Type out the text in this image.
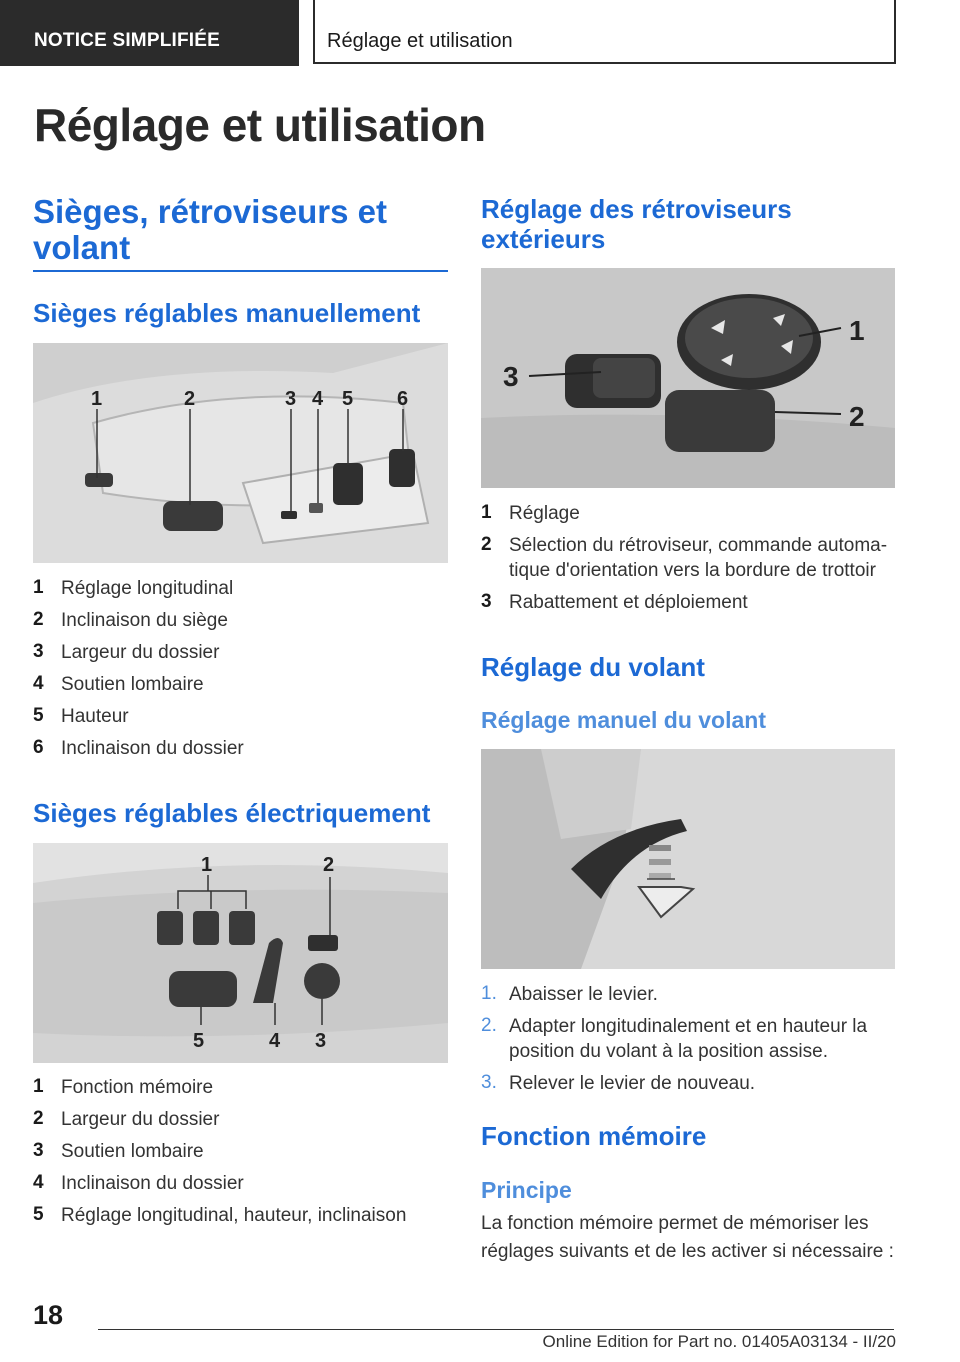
NOTICE SIMPLIFIÉE	Réglage et utilisation
Réglage et utilisation
Sièges, rétroviseurs et volant
Sièges réglables manuellement
1	2	3 4 5 6
1 Réglage longitudinal
2 Inclinaison du siège
3 Largeur du dossier
4 Soutien lombaire
5 Hauteur
6 Inclinaison du dossier
Sièges réglables électriquement
1	2
3
4
5
1 Fonction mémoire
2 Largeur du dossier
3 Soutien lombaire
4 Inclinaison du dossier
5 Réglage longitudinal, hauteur, inclinaison
Réglage des rétroviseurs extérieurs
1
2
3
1 Réglage
2 Sélection du rétroviseur, commande automa-tique d'orientation vers la bordure de trottoir
3 Rabattement et déploiement
Réglage du volant
Réglage manuel du volant
1. Abaisser le levier.
2. Adapter longitudinalement et en hauteur la position du volant à la position assise.
3. Relever le levier de nouveau.
Fonction mémoire
Principe
La fonction mémoire permet de mémoriser les réglages suivants et de les activer si nécessaire :
18
Online Edition for Part no. 01405A03134 - II/20
